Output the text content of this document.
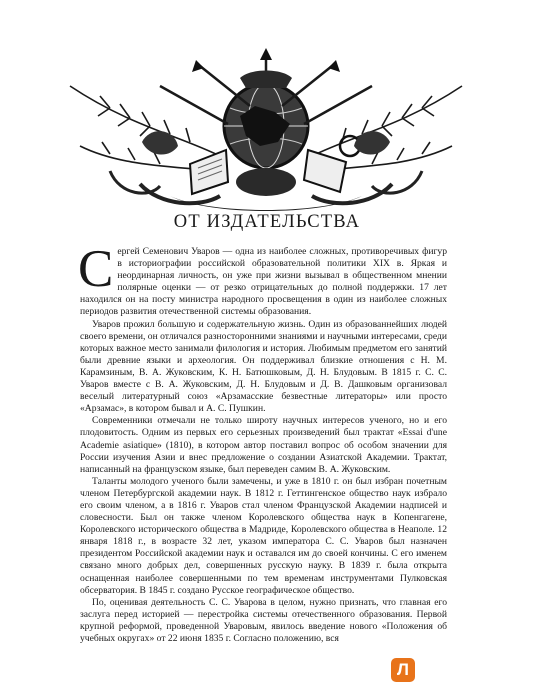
ОТ ИЗДАТЕЛЬСТВА

Сергей Семенович Уваров — одна из наиболее сложных, противоречивых фигур в историографии российской образовательной политики XIX в. Яркая и неординарная личность, он уже при жизни вызывал в общественном мнении полярные оценки — от резко отрицательных до полной поддержки. 17 лет находился он на посту министра народного просвещения в один из наиболее сложных периодов развития отечественной системы образования.

Уваров прожил большую и содержательную жизнь. Один из образованнейших людей своего времени, он отличался разносторонними знаниями и научными интересами, среди которых важное место занимали филология и история. Любимым предметом его занятий были древние языки и археология. Он поддерживал близкие отношения с Н. М. Карамзиным, В. А. Жуковским, К. Н. Батюшковым, Д. Н. Блудовым. В 1815 г. С. С. Уваров вместе с В. А. Жуковским, Д. Н. Блудовым и Д. В. Дашковым организовал веселый литературный союз «Арзамасские безвестные литераторы» или просто «Арзамас», в котором бывал и А. С. Пушкин.

Современники отмечали не только широту научных интересов ученого, но и его плодовитость. Одним из первых его серьезных произведений был трактат «Essai d'une Academie asiatique» (1810), в котором автор поставил вопрос об особом значении для России изучения Азии и внес предложение о создании Азиатской Академии. Трактат, написанный на французском языке, был переведен самим В. А. Жуковским.

Таланты молодого ученого были замечены, и уже в 1810 г. он был избран почетным членом Петербургской академии наук. В 1812 г. Геттингенское общество наук избрало его своим членом, а в 1816 г. Уваров стал членом Французской Академии надписей и словесности. Был он также членом Королевского общества наук в Копенгагене, Королевского исторического общества в Мадриде, Королевского общества в Неаполе. 12 января 1818 г., в возрасте 32 лет, указом императора С. С. Уваров был назначен президентом Российской академии наук и оставался им до своей кончины. С его именем связано много добрых дел, совершенных русскую науку. В 1839 г. была открыта оснащенная наиболее совершенными по тем временам инструментами Пулковская обсерватория. В 1845 г. создано Русское географическое общество.

По, оценивая деятельность С. С. Уварова в целом, нужно признать, что главная его заслуга перед историей — перестройка системы отечественного образования. Первой крупной реформой, проведенной Уваровым, явилось введение нового «Положения об учебных округах» от 22 июня 1835 г. Согласно положению, вся

Л
